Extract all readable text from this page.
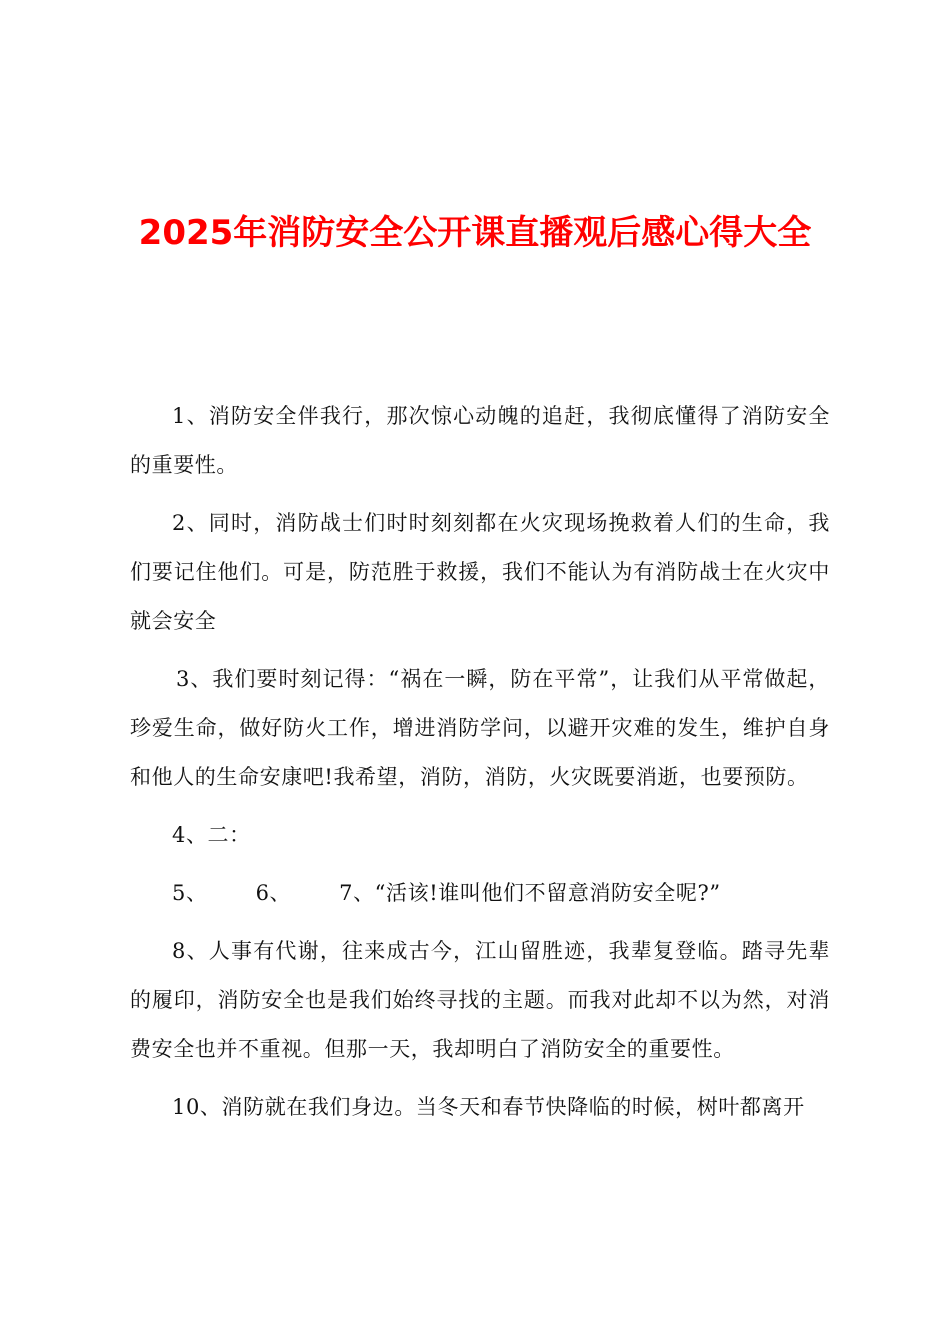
2025年消防安全公开课直播观后感心得大全

1、消防安全伴我行，那次惊心动魄的追赶，我彻底懂得了消防安全的重要性。

2、同时，消防战士们时时刻刻都在火灾现场挽救着人们的生命，我们要记住他们。可是，防范胜于救援，我们不能认为有消防战士在火灾中就会安全

3、我们要时刻记得：“祸在一瞬，防在平常”，让我们从平常做起，珍爱生命，做好防火工作，增进消防学问，以避开灾难的发生，维护自身和他人的生命安康吧!我希望，消防，消防，火灾既要消逝，也要预防。

4、二：

5、 6、 7、“活该!谁叫他们不留意消防安全呢?”

8、人事有代谢，往来成古今，江山留胜迹，我辈复登临。踏寻先辈的履印，消防安全也是我们始终寻找的主题。而我对此却不以为然，对消费安全也并不重视。但那一天，我却明白了消防安全的重要性。

10、消防就在我们身边。当冬天和春节快降临的时候，树叶都离开
